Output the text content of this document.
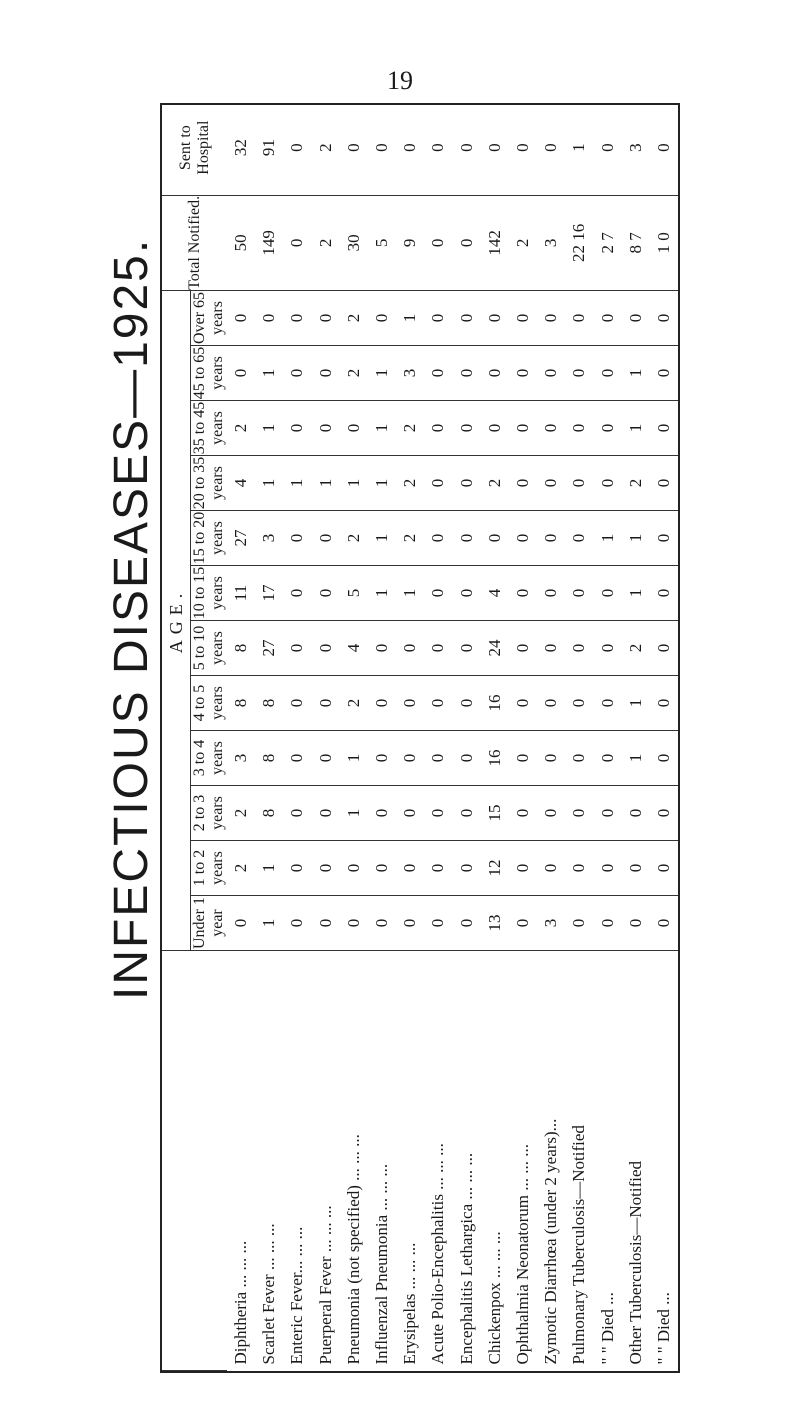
19
INFECTIOUS DISEASES—1925.
	AGE.												Total Notified.	Sent to Hospital
	Under 1 year	1 to 2 years	2 to 3 years	3 to 4 years	4 to 5 years	5 to 10 years	10 to 15 years	15 to 20 years	20 to 35 years	35 to 45 years	45 to 65 years	Over 65 years		
Diphtheria ... ... ...	0	2	2	3	8	8	11	27	4	2	0	0	50	32
Scarlet Fever ... ... ...	1	1	8	8	8	27	17	3	1	1	1	0	149	91
Enteric Fever... ... ...	0	0	0	0	0	0	0	0	1	0	0	0	0	0
Puerperal Fever ... ... ...	0	0	0	0	0	0	0	0	1	0	0	0	2	2
Pneumonia (not specified) ... ... ...	0	0	1	1	2	4	5	2	1	0	2	2	30	0
Influenzal Pneumonia ... ... ...	0	0	0	0	0	0	1	1	1	1	1	0	5	0
Erysipelas ... ... ...	0	0	0	0	0	0	1	2	2	2	3	1	9	0
Acute Polio-Encephalitis ... ... ...	0	0	0	0	0	0	0	0	0	0	0	0	0	0
Encephalitis Lethargica ... ... ...	0	0	0	0	0	0	0	0	0	0	0	0	0	0
Chickenpox ... ... ...	13	12	15	16	16	24	4	0	2	0	0	0	142	0
Ophthalmia Neonatorum ... ... ...	0	0	0	0	0	0	0	0	0	0	0	0	2	0
Zymotic Diarrhœa (under 2 years)...	3	0	0	0	0	0	0	0	0	0	0	0	3	0
Pulmonary Tuberculosis—Notified	0	0	0	0	0	0	0	0	0	0	0	0	22 16	1
" " Died ...	0	0	0	0	0	0	0	1	0	0	0	0	2 7	0
Other Tuberculosis—Notified	0	0	0	1	1	2	1	1	2	1	1	0	8 7	3
" " Died ...	0	0	0	0	0	0	0	0	0	0	0	0	1 0	0
